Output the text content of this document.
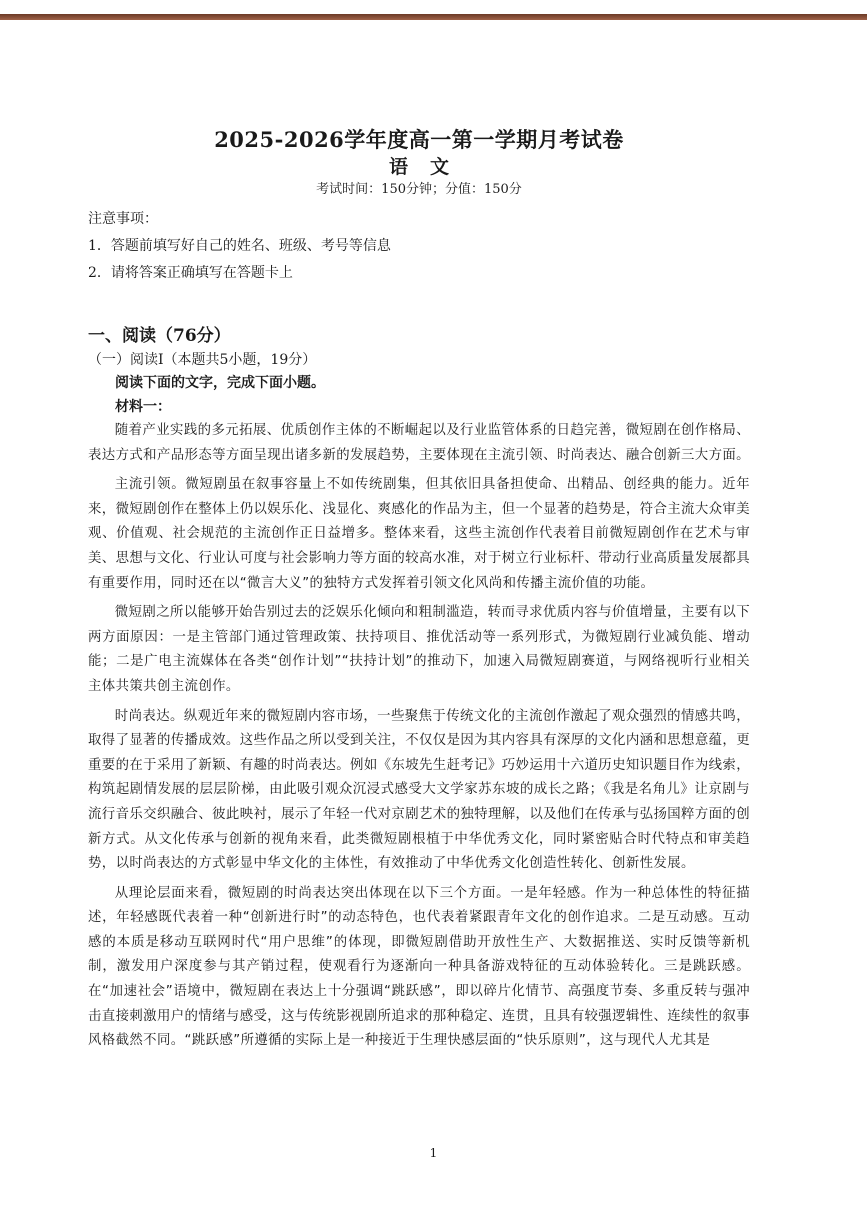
2025-2026学年度高一第一学期月考试卷
语文

考试时间：150分钟；分值：150分

注意事项：

1．答题前填写好自己的姓名、班级、考号等信息

2．请将答案正确填写在答题卡上

一、阅读（76分）

（一）阅读Ⅰ（本题共5小题，19分）

阅读下面的文字，完成下面小题。

材料一：

随着产业实践的多元拓展、优质创作主体的不断崛起以及行业监管体系的日趋完善，微短剧在创作格局、表达方式和产品形态等方面呈现出诸多新的发展趋势，主要体现在主流引领、时尚表达、融合创新三大方面。

主流引领。微短剧虽在叙事容量上不如传统剧集，但其依旧具备担使命、出精品、创经典的能力。近年来，微短剧创作在整体上仍以娱乐化、浅显化、爽感化的作品为主，但一个显著的趋势是，符合主流大众审美观、价值观、社会规范的主流创作正日益增多。整体来看，这些主流创作代表着目前微短剧创作在艺术与审美、思想与文化、行业认可度与社会影响力等方面的较高水准，对于树立行业标杆、带动行业高质量发展都具有重要作用，同时还在以“微言大义”的独特方式发挥着引领文化风尚和传播主流价值的功能。

微短剧之所以能够开始告别过去的泛娱乐化倾向和粗制滥造，转而寻求优质内容与价值增量，主要有以下两方面原因：一是主管部门通过管理政策、扶持项目、推优活动等一系列形式，为微短剧行业减负能、增动能；二是广电主流媒体在各类“创作计划”“扶持计划”的推动下，加速入局微短剧赛道，与网络视听行业相关主体共策共创主流创作。

时尚表达。纵观近年来的微短剧内容市场，一些聚焦于传统文化的主流创作激起了观众强烈的情感共鸣，取得了显著的传播成效。这些作品之所以受到关注，不仅仅是因为其内容具有深厚的文化内涵和思想意蕴，更重要的在于采用了新颖、有趣的时尚表达。例如《东坡先生赶考记》巧妙运用十六道历史知识题目作为线索，构筑起剧情发展的层层阶梯，由此吸引观众沉浸式感受大文学家苏东坡的成长之路；《我是名角儿》让京剧与流行音乐交织融合、彼此映衬，展示了年轻一代对京剧艺术的独特理解，以及他们在传承与弘扬国粹方面的创新方式。从文化传承与创新的视角来看，此类微短剧根植于中华优秀文化，同时紧密贴合时代特点和审美趋势，以时尚表达的方式彰显中华文化的主体性，有效推动了中华优秀文化创造性转化、创新性发展。

从理论层面来看，微短剧的时尚表达突出体现在以下三个方面。一是年轻感。作为一种总体性的特征描述，年轻感既代表着一种“创新进行时”的动态特色，也代表着紧跟青年文化的创作追求。二是互动感。互动感的本质是移动互联网时代“用户思维”的体现，即微短剧借助开放性生产、大数据推送、实时反馈等新机制，激发用户深度参与其产销过程，使观看行为逐渐向一种具备游戏特征的互动体验转化。三是跳跃感。在“加速社会”语境中，微短剧在表达上十分强调“跳跃感”，即以碎片化情节、高强度节奏、多重反转与强冲击直接刺激用户的情绪与感受，这与传统影视剧所追求的那种稳定、连贯，且具有较强逻辑性、连续性的叙事风格截然不同。“跳跃感”所遵循的实际上是一种接近于生理快感层面的“快乐原则”，这与现代人尤其是

1
